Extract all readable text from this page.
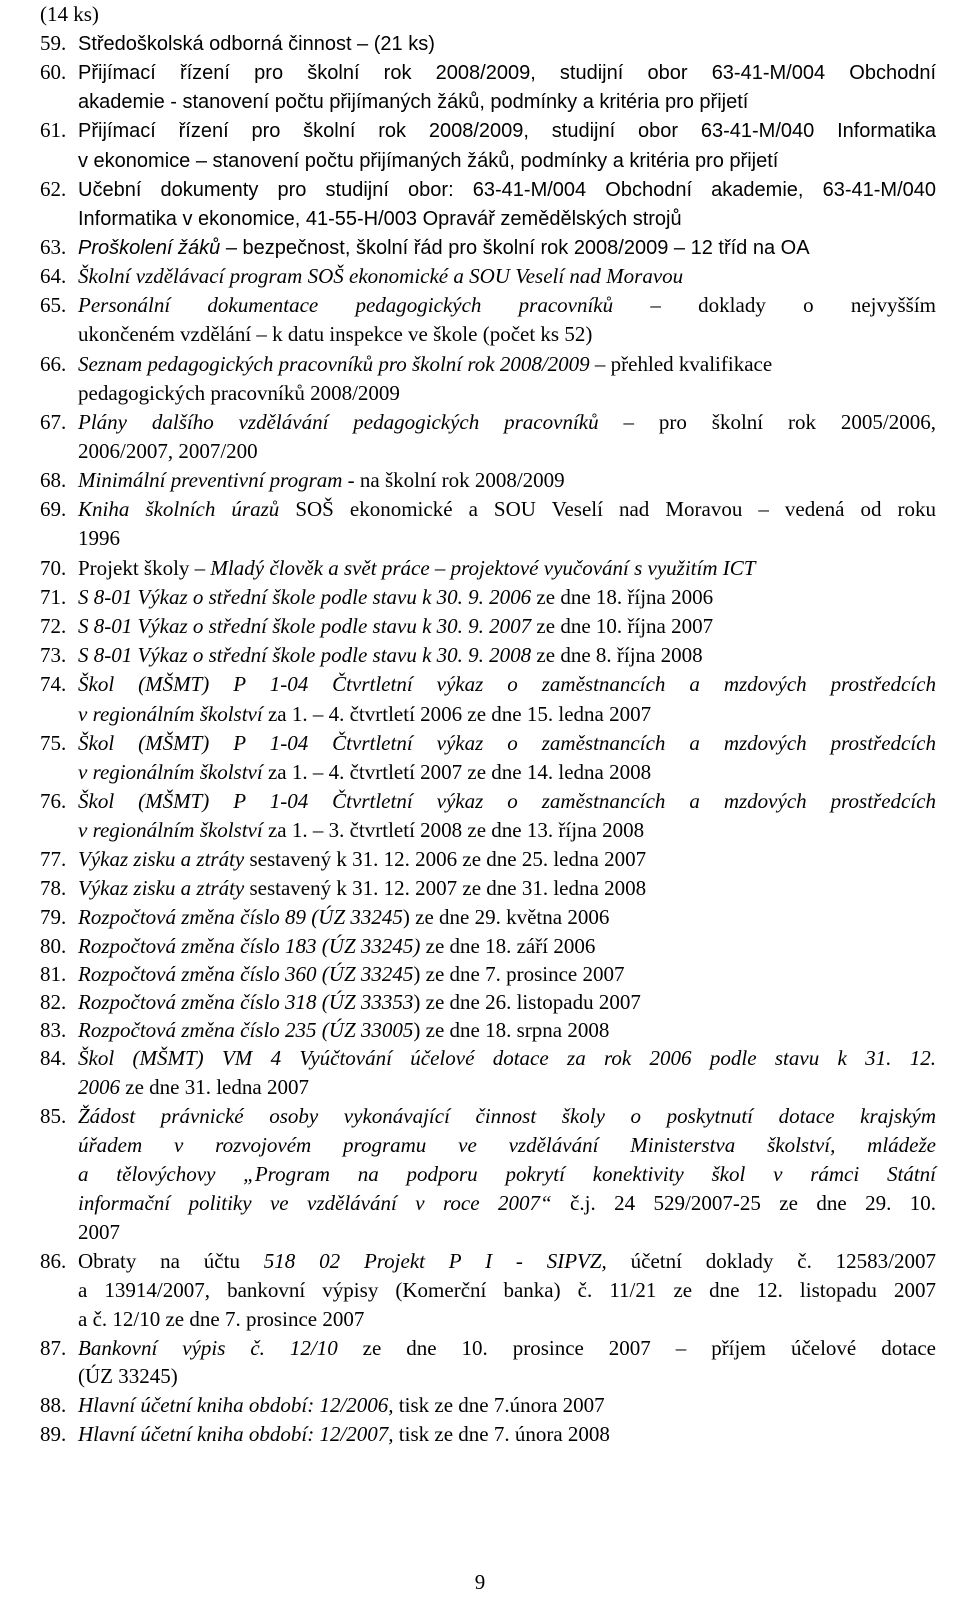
(14 ks)
59. Středoškolská odborná činnost – (21 ks)
60. Přijímací řízení pro školní rok 2008/2009, studijní obor 63-41-M/004 Obchodní
akademie - stanovení počtu přijímaných žáků, podmínky a kritéria pro přijetí
61. Přijímací řízení pro školní rok 2008/2009, studijní obor 63-41-M/040 Informatika
v ekonomice – stanovení počtu přijímaných žáků, podmínky a kritéria pro přijetí
62. Učební dokumenty pro studijní obor: 63-41-M/004 Obchodní akademie, 63-41-M/040
Informatika v ekonomice, 41-55-H/003 Opravář zemědělských strojů
63. Proškolení žáků – bezpečnost, školní řád pro školní rok 2008/2009 – 12 tříd na OA
64. Školní vzdělávací program SOŠ ekonomické a SOU Veselí nad Moravou
65. Personální dokumentace pedagogických pracovníků – doklady o nejvyšším
ukončeném vzdělání – k datu inspekce ve škole (počet ks 52)
66. Seznam pedagogických pracovníků pro školní rok 2008/2009 – přehled kvalifikace
pedagogických pracovníků 2008/2009
67. Plány dalšího vzdělávání pedagogických pracovníků – pro školní rok 2005/2006,
2006/2007, 2007/200
68. Minimální preventivní program - na školní rok 2008/2009
69. Kniha školních úrazů SOŠ ekonomické a SOU Veselí nad Moravou – vedená od roku
1996
70. Projekt školy – Mladý člověk a svět práce – projektové vyučování s využitím ICT
71. S 8-01 Výkaz o střední škole podle stavu k 30. 9. 2006 ze dne 18. října 2006
72. S 8-01 Výkaz o střední škole podle stavu k 30. 9. 2007 ze dne 10. října 2007
73. S 8-01 Výkaz o střední škole podle stavu k 30. 9. 2008 ze dne 8. října 2008
74. Škol (MŠMT) P 1-04 Čtvrtletní výkaz o zaměstnancích a mzdových prostředcích
v regionálním školství za 1. – 4. čtvrtletí 2006 ze dne 15. ledna 2007
75. Škol (MŠMT) P 1-04 Čtvrtletní výkaz o zaměstnancích a mzdových prostředcích
v regionálním školství za 1. – 4. čtvrtletí 2007 ze dne 14. ledna 2008
76. Škol (MŠMT) P 1-04 Čtvrtletní výkaz o zaměstnancích a mzdových prostředcích
v regionálním školství za 1. – 3. čtvrtletí 2008 ze dne 13. října 2008
77. Výkaz zisku a ztráty sestavený k 31. 12. 2006 ze dne 25. ledna 2007
78. Výkaz zisku a ztráty sestavený k 31. 12. 2007 ze dne 31. ledna 2008
79. Rozpočtová změna číslo 89 (ÚZ 33245) ze dne 29. května 2006
80. Rozpočtová změna číslo 183 (ÚZ 33245) ze dne 18. září 2006
81. Rozpočtová změna číslo 360 (ÚZ 33245) ze dne 7. prosince 2007
82. Rozpočtová změna číslo 318 (ÚZ 33353) ze dne 26. listopadu 2007
83. Rozpočtová změna číslo 235 (ÚZ 33005) ze dne 18. srpna 2008
84. Škol (MŠMT) VM 4 Vyúčtování účelové dotace za rok 2006 podle stavu k 31. 12.
2006 ze dne 31. ledna 2007
85. Žádost právnické osoby vykonávající činnost školy o poskytnutí dotace krajským
úřadem v rozvojovém programu ve vzdělávání Ministerstva školství, mládeže
a tělovýchovy „Program na podporu pokrytí konektivity škol v rámci Státní
informační politiky ve vzdělávání v roce 2007“ č.j. 24 529/2007-25 ze dne 29. 10.
2007
86. Obraty na účtu 518 02 Projekt P I - SIPVZ, účetní doklady č. 12583/2007
a 13914/2007, bankovní výpisy (Komerční banka) č. 11/21 ze dne 12. listopadu 2007
a č. 12/10 ze dne 7. prosince 2007
87. Bankovní výpis č. 12/10 ze dne 10. prosince 2007 – příjem účelové dotace
(ÚZ 33245)
88. Hlavní účetní kniha období: 12/2006, tisk ze dne 7.února 2007
89. Hlavní účetní kniha období: 12/2007, tisk ze dne 7. února 2008
9
